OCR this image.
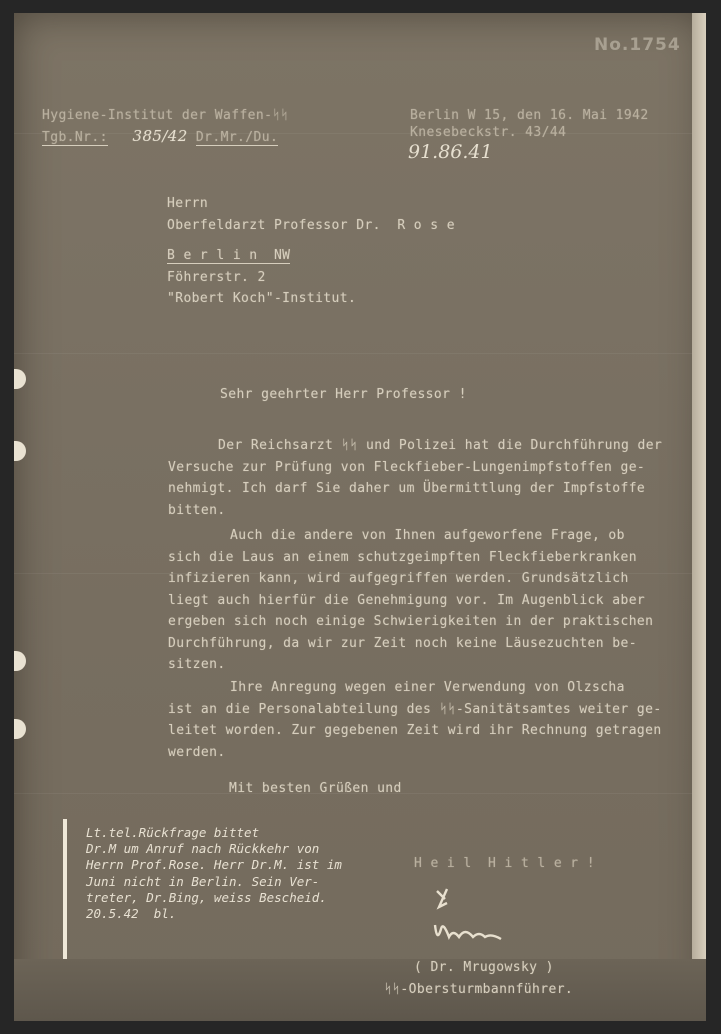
No.1754
Hygiene-Institut der Waffen-ᛋᛋ
Tgb.Nr.: 385/42 Dr.Mr./Du.
Berlin W 15, den 16. Mai 1942
Knesebeckstr. 43/44
91.86.41
Herrn
Oberfeldarzt Professor Dr.  R o s e
B e r l i n  NW
Föhrerstr. 2
"Robert Koch"-Institut.
Sehr geehrter Herr Professor !
Der Reichsarzt ᛋᛋ und Polizei hat die Durchführung der
Versuche zur Prüfung von Fleckfieber-Lungenimpfstoffen ge-
nehmigt. Ich darf Sie daher um Übermittlung der Impfstoffe
bitten.
Auch die andere von Ihnen aufgeworfene Frage, ob
sich die Laus an einem schutzgeimpften Fleckfieberkranken
infizieren kann, wird aufgegriffen werden. Grundsätzlich
liegt auch hierfür die Genehmigung vor. Im Augenblick aber
ergeben sich noch einige Schwierigkeiten in der praktischen
Durchführung, da wir zur Zeit noch keine Läusezuchten be-
sitzen.
Ihre Anregung wegen einer Verwendung von Olzscha
ist an die Personalabteilung des ᛋᛋ-Sanitätsamtes weiter ge-
leitet worden. Zur gegebenen Zeit wird ihr Rechnung getragen
werden.
Mit besten Grüßen und
Lt.tel.Rückfrage bittet
Dr.M um Anruf nach Rückkehr von
Herrn Prof.Rose. Herr Dr.M. ist im
Juni nicht in Berlin. Sein Ver-
treter, Dr.Bing, weiss Bescheid.
20.5.42  bl.
H e i l  H i t l e r !
( Dr. Mrugowsky )
ᛋᛋ-Obersturmbannführer.
